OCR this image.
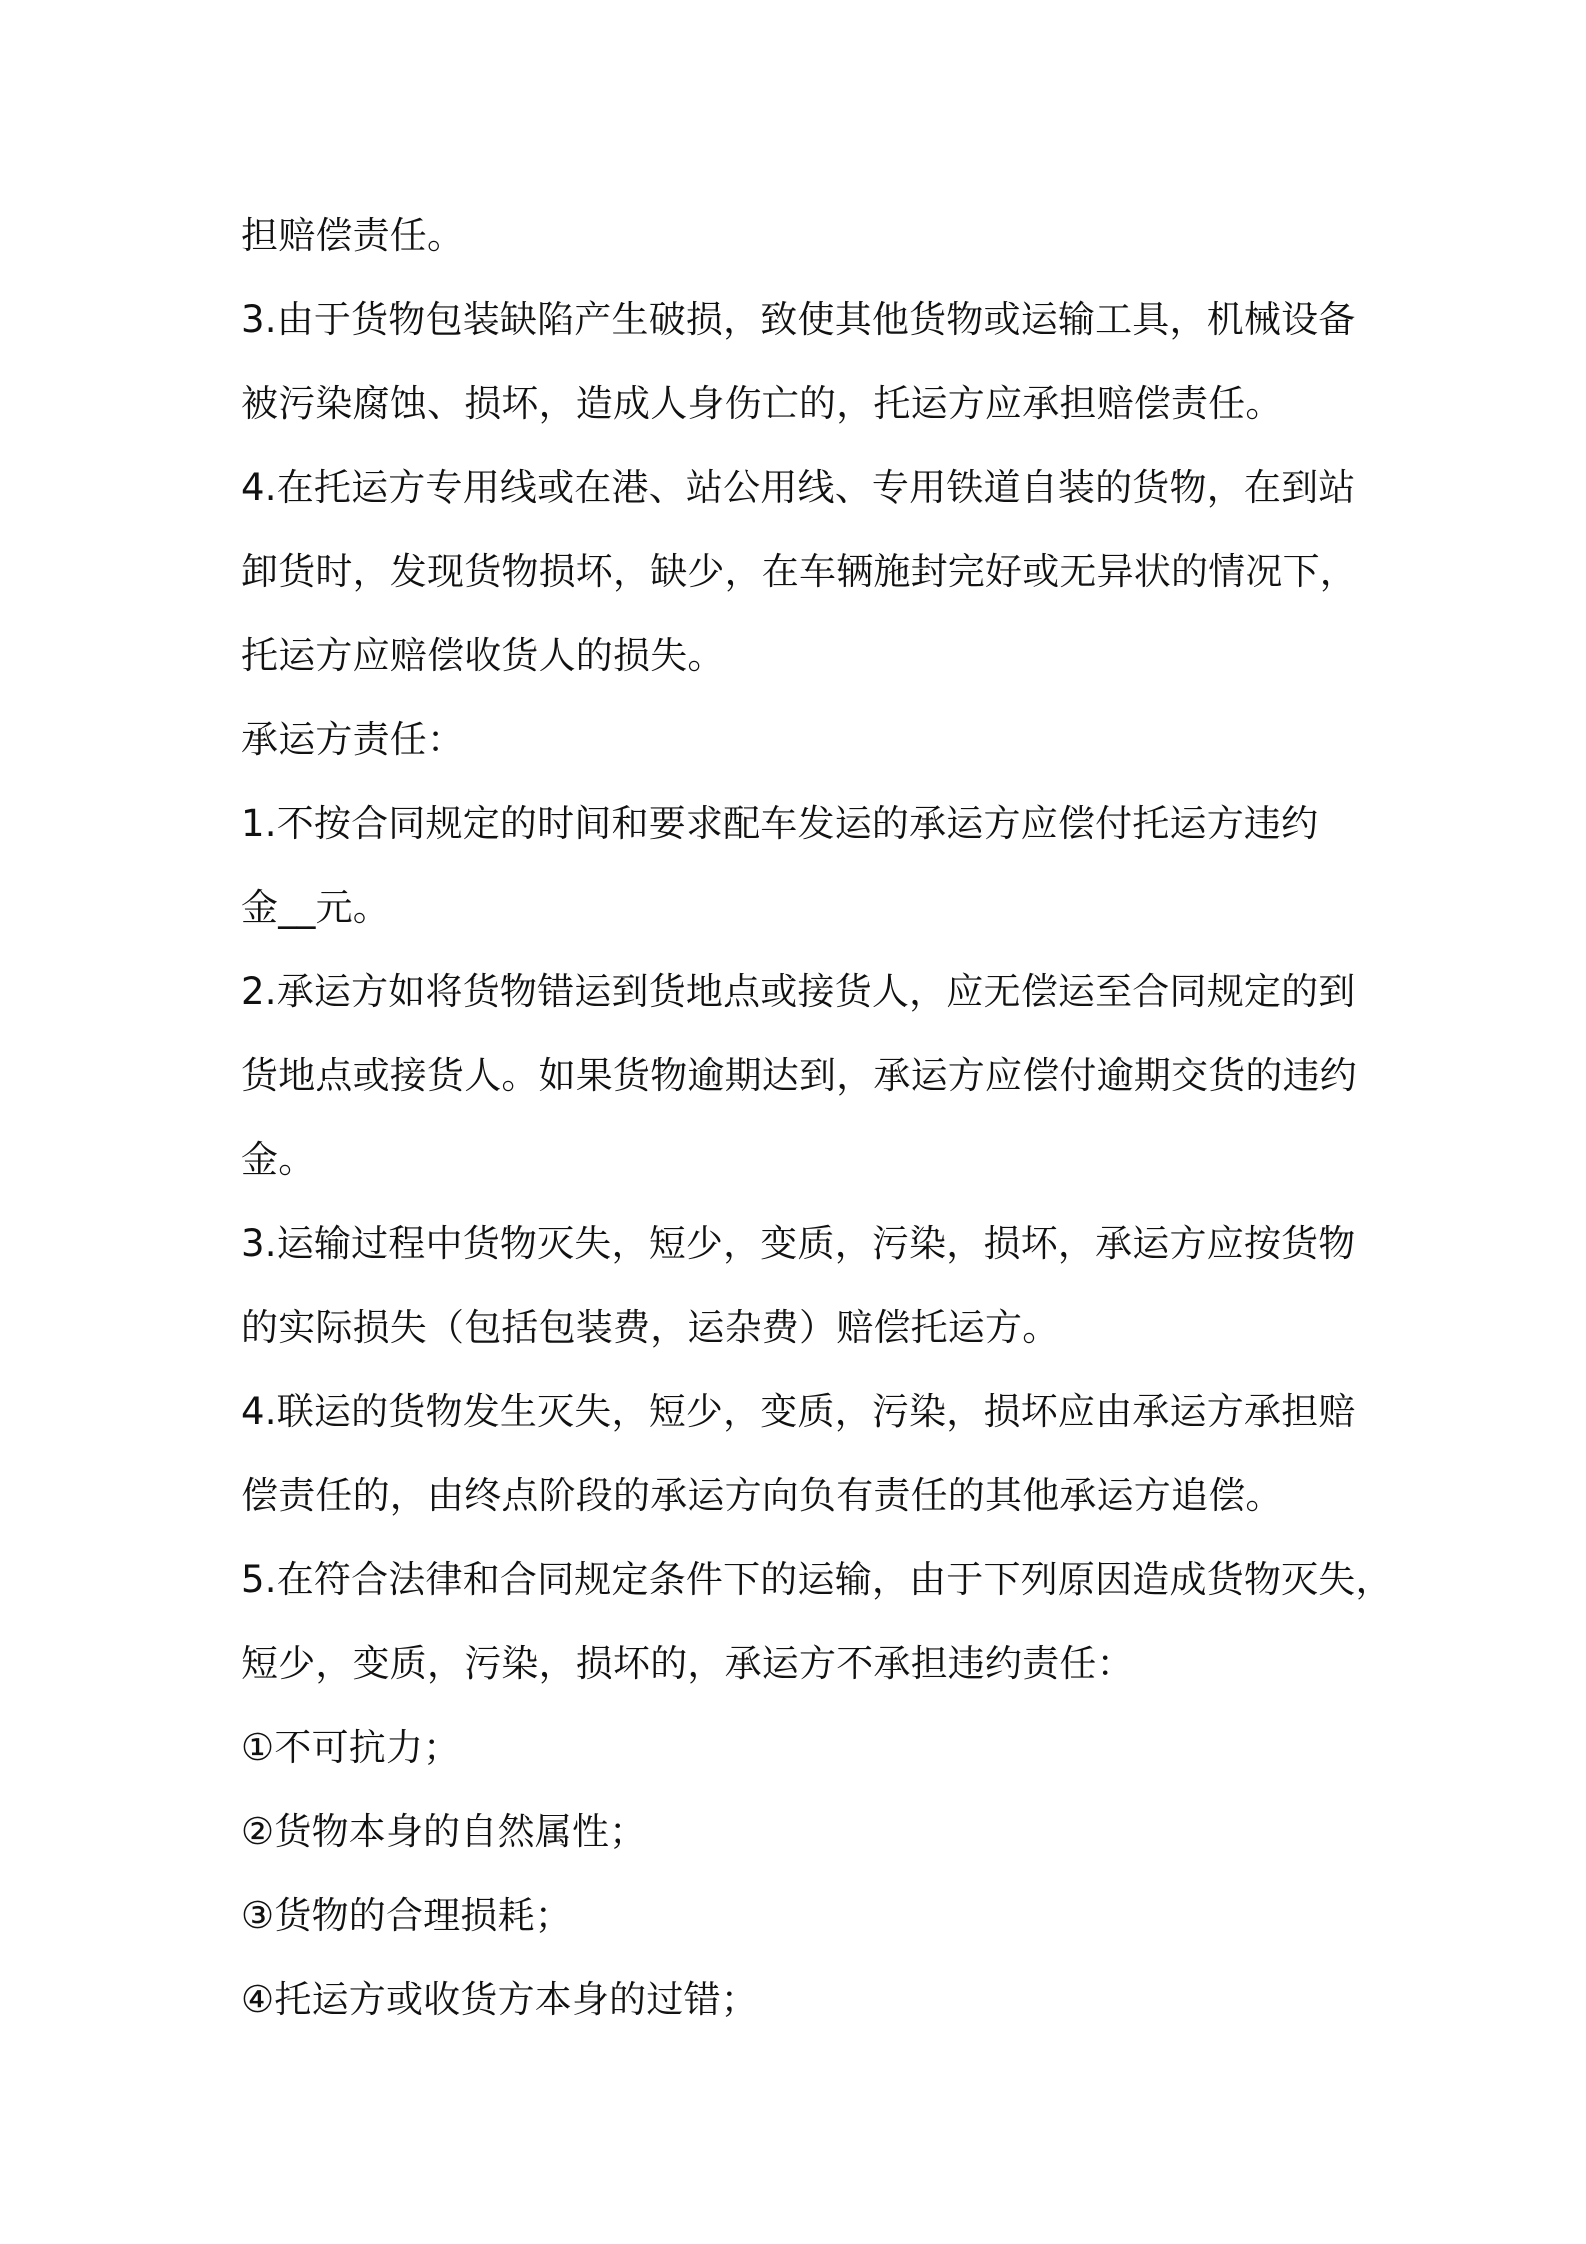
担赔偿责任。
3.由于货物包装缺陷产生破损，致使其他货物或运输工具，机械设备
被污染腐蚀、损坏，造成人身伤亡的，托运方应承担赔偿责任。
4.在托运方专用线或在港、站公用线、专用铁道自装的货物，在到站
卸货时，发现货物损坏，缺少，在车辆施封完好或无异状的情况下，
托运方应赔偿收货人的损失。
承运方责任：
1.不按合同规定的时间和要求配车发运的承运方应偿付托运方违约
金__元。
2.承运方如将货物错运到货地点或接货人，应无偿运至合同规定的到
货地点或接货人。如果货物逾期达到，承运方应偿付逾期交货的违约
金。
3.运输过程中货物灭失，短少，变质，污染，损坏，承运方应按货物
的实际损失（包括包装费，运杂费）赔偿托运方。
4.联运的货物发生灭失，短少，变质，污染，损坏应由承运方承担赔
偿责任的，由终点阶段的承运方向负有责任的其他承运方追偿。
5.在符合法律和合同规定条件下的运输，由于下列原因造成货物灭失，
短少，变质，污染，损坏的，承运方不承担违约责任：
①不可抗力；
②货物本身的自然属性；
③货物的合理损耗；
④托运方或收货方本身的过错；
